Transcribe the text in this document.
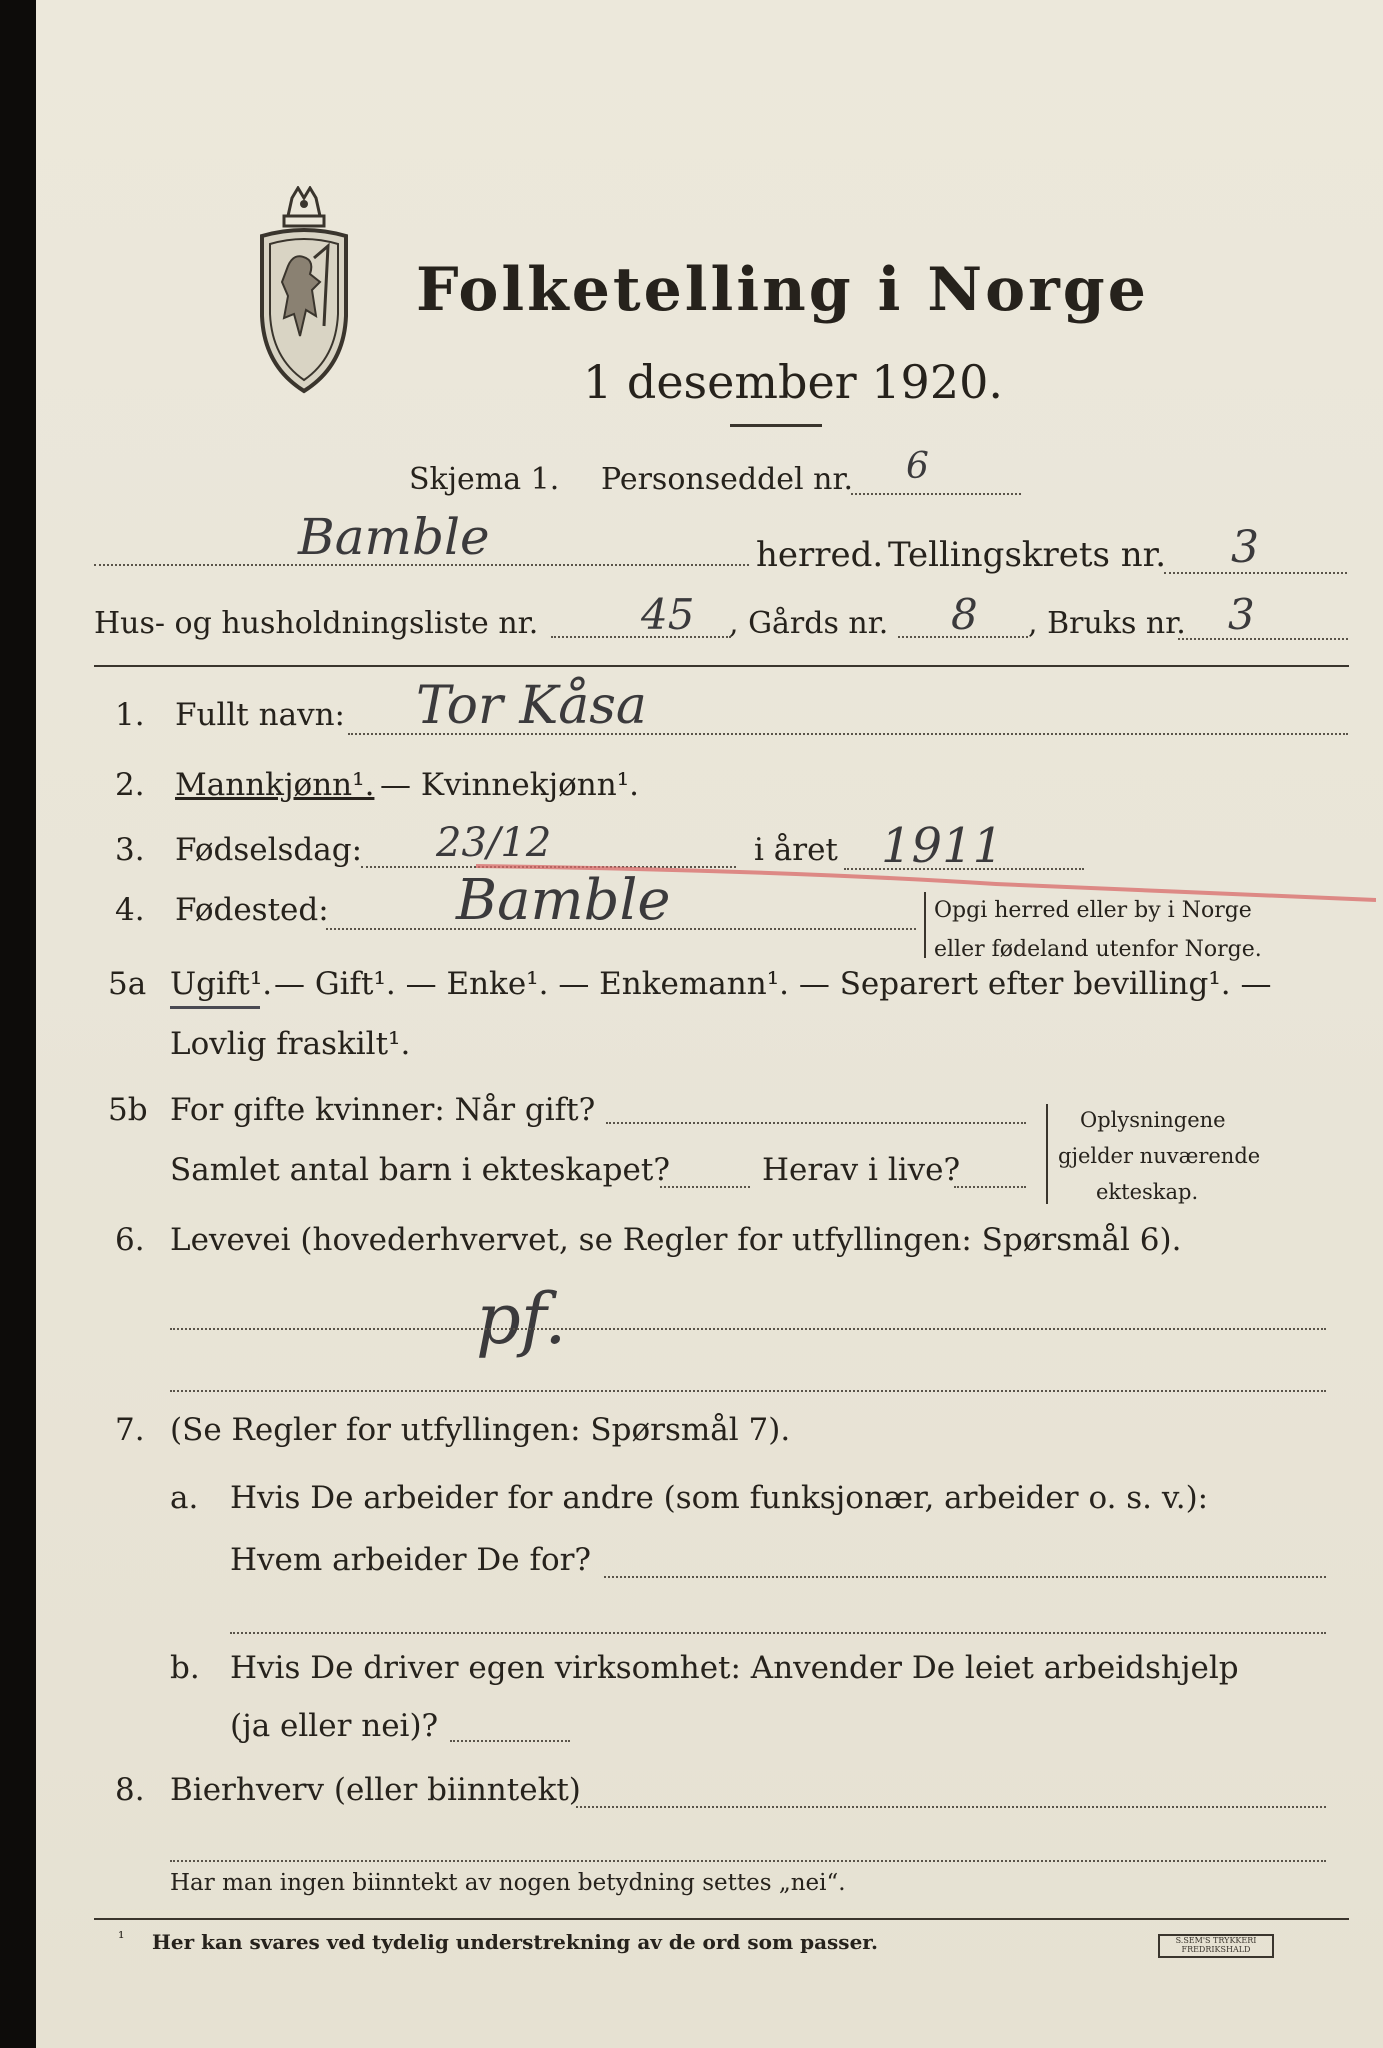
Folketelling i Norge
1 desember 1920.
Skjema 1. Personseddel nr. 6
Bamble	herred. Tellingskrets nr. 3
Hus- og husholdningsliste nr. 45 , Gårds nr. 8 , Bruks nr. 3
1. Fullt navn: Tor Kåsa
2. Mannkjønn¹. — Kvinnekjønn¹.
3. Fødselsdag: 23/12	i året 1911
4. Fødested: Bamble	Opgi herred eller by i Norge
eller fødeland utenfor Norge.
5a Ugift¹. — Gift¹. — Enke¹. — Enkemann¹. — Separert efter bevilling¹. —
Lovlig fraskilt¹.
5b For gifte kvinner: Når gift?
Samlet antal barn i ekteskapet?	Herav i live?
Oplysningene
gjelder nuværende
ekteskap.
6. Levevei (hovederhvervet, se Regler for utfyllingen: Spørsmål 6).
pf.
7. (Se Regler for utfyllingen: Spørsmål 7).
a. Hvis De arbeider for andre (som funksjonær, arbeider o. s. v.):
Hvem arbeider De for?
b. Hvis De driver egen virksomhet: Anvender De leiet arbeidshjelp
(ja eller nei)?
8. Bierhverv (eller biinntekt)
Har man ingen biinntekt av nogen betydning settes „nei“.
¹ Her kan svares ved tydelig understrekning av de ord som passer.	S.SEM'S TRYKKERI FREDRIKSHALD
